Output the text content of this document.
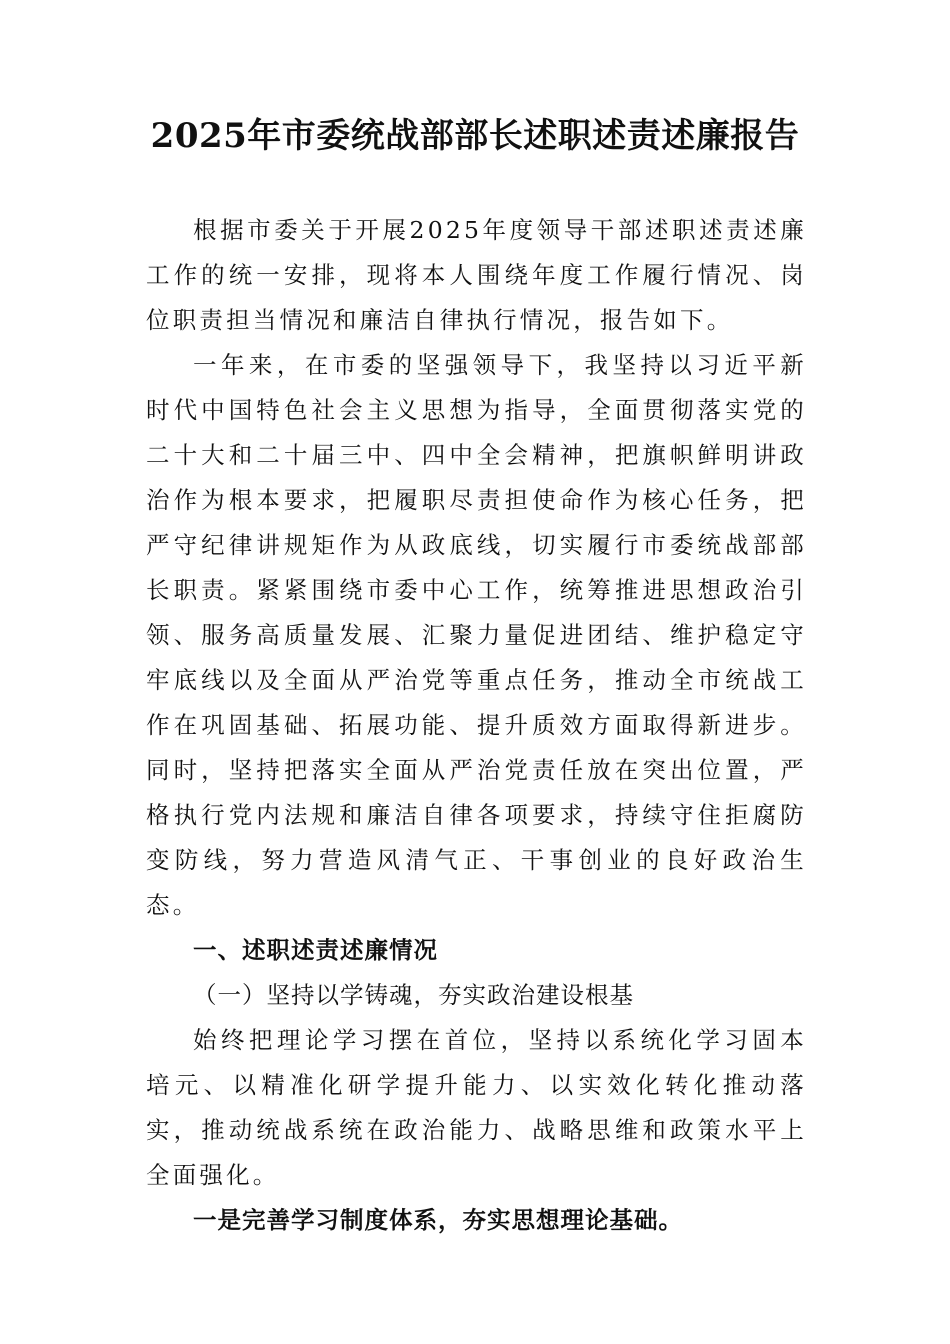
2025年市委统战部部长述职述责述廉报告

根据市委关于开展2025年度领导干部述职述责述廉工作的统一安排，现将本人围绕年度工作履行情况、岗位职责担当情况和廉洁自律执行情况，报告如下。

一年来，在市委的坚强领导下，我坚持以习近平新时代中国特色社会主义思想为指导，全面贯彻落实党的二十大和二十届三中、四中全会精神，把旗帜鲜明讲政治作为根本要求，把履职尽责担使命作为核心任务，把严守纪律讲规矩作为从政底线，切实履行市委统战部部长职责。紧紧围绕市委中心工作，统筹推进思想政治引领、服务高质量发展、汇聚力量促进团结、维护稳定守牢底线以及全面从严治党等重点任务，推动全市统战工作在巩固基础、拓展功能、提升质效方面取得新进步。同时，坚持把落实全面从严治党责任放在突出位置，严格执行党内法规和廉洁自律各项要求，持续守住拒腐防变防线，努力营造风清气正、干事创业的良好政治生态。

一、述职述责述廉情况

（一）坚持以学铸魂，夯实政治建设根基

始终把理论学习摆在首位，坚持以系统化学习固本培元、以精准化研学提升能力、以实效化转化推动落实，推动统战系统在政治能力、战略思维和政策水平上全面强化。

一是完善学习制度体系，夯实思想理论基础。
